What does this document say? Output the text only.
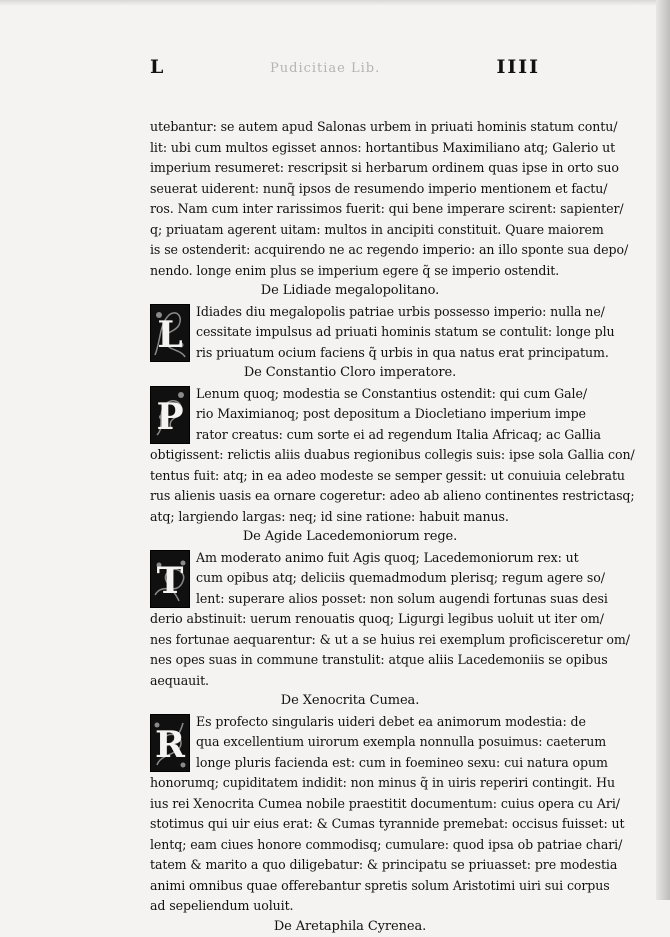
L	Pudicitiae Lib.	IIII
utebantur: se autem apud Salonas urbem in priuati hominis statum contu/
lit: ubi cum multos egisset annos: hortantibus Maximiliano atq; Galerio ut
imperium resumeret: rescripsit si herbarum ordinem quas ipse in orto suo
seuerat uiderent: nunq̃ ipsos de resumendo imperio mentionem et factu/
ros. Nam cum inter rarissimos fuerit: qui bene imperare scirent: sapienter/
q; priuatam agerent uitam: multos in ancipiti constituit. Quare maiorem
is se ostenderit: acquirendo ne ac regendo imperio: an illo sponte sua depo/
nendo. longe enim plus se imperium egere q̃ se imperio ostendit.
De Lidiade megalopolitano.
L
Idiades diu megalopolis patriae urbis possesso imperio: nulla ne/
cessitate impulsus ad priuati hominis statum se contulit: longe plu
ris priuatum ocium faciens q̃ urbis in qua natus erat principatum.
De Constantio Cloro imperatore.
P
Lenum quoq; modestia se Constantius ostendit: qui cum Gale/
rio Maximianoq; post depositum a Diocletiano imperium impe
rator creatus: cum sorte ei ad regendum Italia Africaq; ac Gallia
obtigissent: relictis aliis duabus regionibus collegis suis: ipse sola Gallia con/
tentus fuit: atq; in ea adeo modeste se semper gessit: ut conuiuia celebratu
rus alienis uasis ea ornare cogeretur: adeo ab alieno continentes restrictasq;
atq; largiendo largas: neq; id sine ratione: habuit manus.
De Agide Lacedemoniorum rege.
T
Am moderato animo fuit Agis quoq; Lacedemoniorum rex: ut
cum opibus atq; deliciis quemadmodum plerisq; regum agere so/
lent: superare alios posset: non solum augendi fortunas suas desi
derio abstinuit: uerum renouatis quoq; Ligurgi legibus uoluit ut iter om/
nes fortunae aequarentur: & ut a se huius rei exemplum proficisceretur om/
nes opes suas in commune transtulit: atque aliis Lacedemoniis se opibus
aequauit.
De Xenocrita Cumea.
R
Es profecto singularis uideri debet ea animorum modestia: de
qua excellentium uirorum exempla nonnulla posuimus: caeterum
longe pluris facienda est: cum in foemineo sexu: cui natura opum
honorumq; cupiditatem indidit: non minus q̃ in uiris reperiri contingit. Hu
ius rei Xenocrita Cumea nobile praestitit documentum: cuius opera cu Ari/
stotimus qui uir eius erat: & Cumas tyrannide premebat: occisus fuisset: ut
lentq; eam ciues honore commodisq; cumulare: quod ipsa ob patriae chari/
tatem & marito a quo diligebatur: & principatu se priuasset: pre modestia
animi omnibus quae offerebantur spretis solum Aristotimi uiri sui corpus
ad sepeliendum uoluit.
De Aretaphila Cyrenea.
